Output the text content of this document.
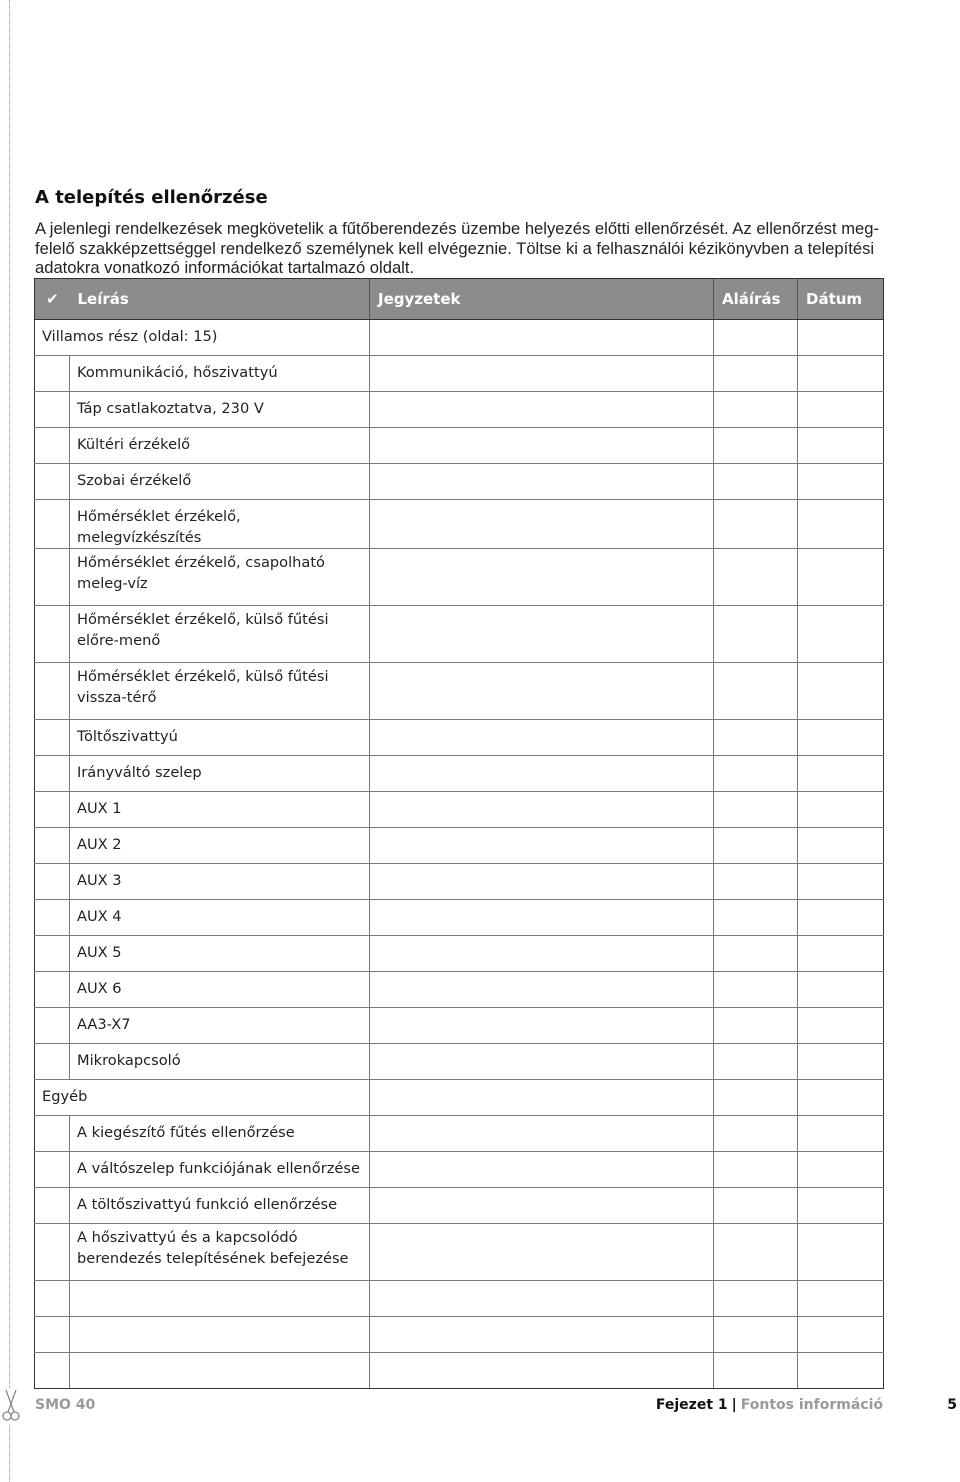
A telepítés ellenőrzése

A jelenlegi rendelkezések megkövetelik a fűtőberendezés üzembe helyezés előtti ellenőrzését. Az ellenőrzést megfelelő szakképzettséggel rendelkező személynek kell elvégeznie. Töltse ki a felhasználói kézikönyvben a telepítési adatokra vonatkozó információkat tartalmazó oldalt.

✔	Leírás	Jegyzetek	Aláírás	Dátum

Villamos rész (oldal: 15)				

	Kommunikáció, hőszivattyú			

	Táp csatlakoztatva, 230 V			

	Kültéri érzékelő			

	Szobai érzékelő			

	Hőmérséklet érzékelő, melegvízkészítés			

	Hőmérséklet érzékelő, csapolható meleg-víz			

	Hőmérséklet érzékelő, külső fűtési előre-menő			

	Hőmérséklet érzékelő, külső fűtési vissza-térő			

	Töltőszivattyú			

	Irányváltó szelep			

	AUX 1			

	AUX 2			

	AUX 3			

	AUX 4			

	AUX 5			

	AUX 6			

	AA3-X7			

	Mikrokapcsoló			

Egyéb				

	A kiegészítő fűtés ellenőrzése			

	A váltószelep funkciójának ellenőrzése			

	A töltőszivattyú funkció ellenőrzése			

	A hőszivattyú és a kapcsolódó berendezés telepítésének befejezése			

SMO 40	Fejezet 1 | Fontos információ	5
